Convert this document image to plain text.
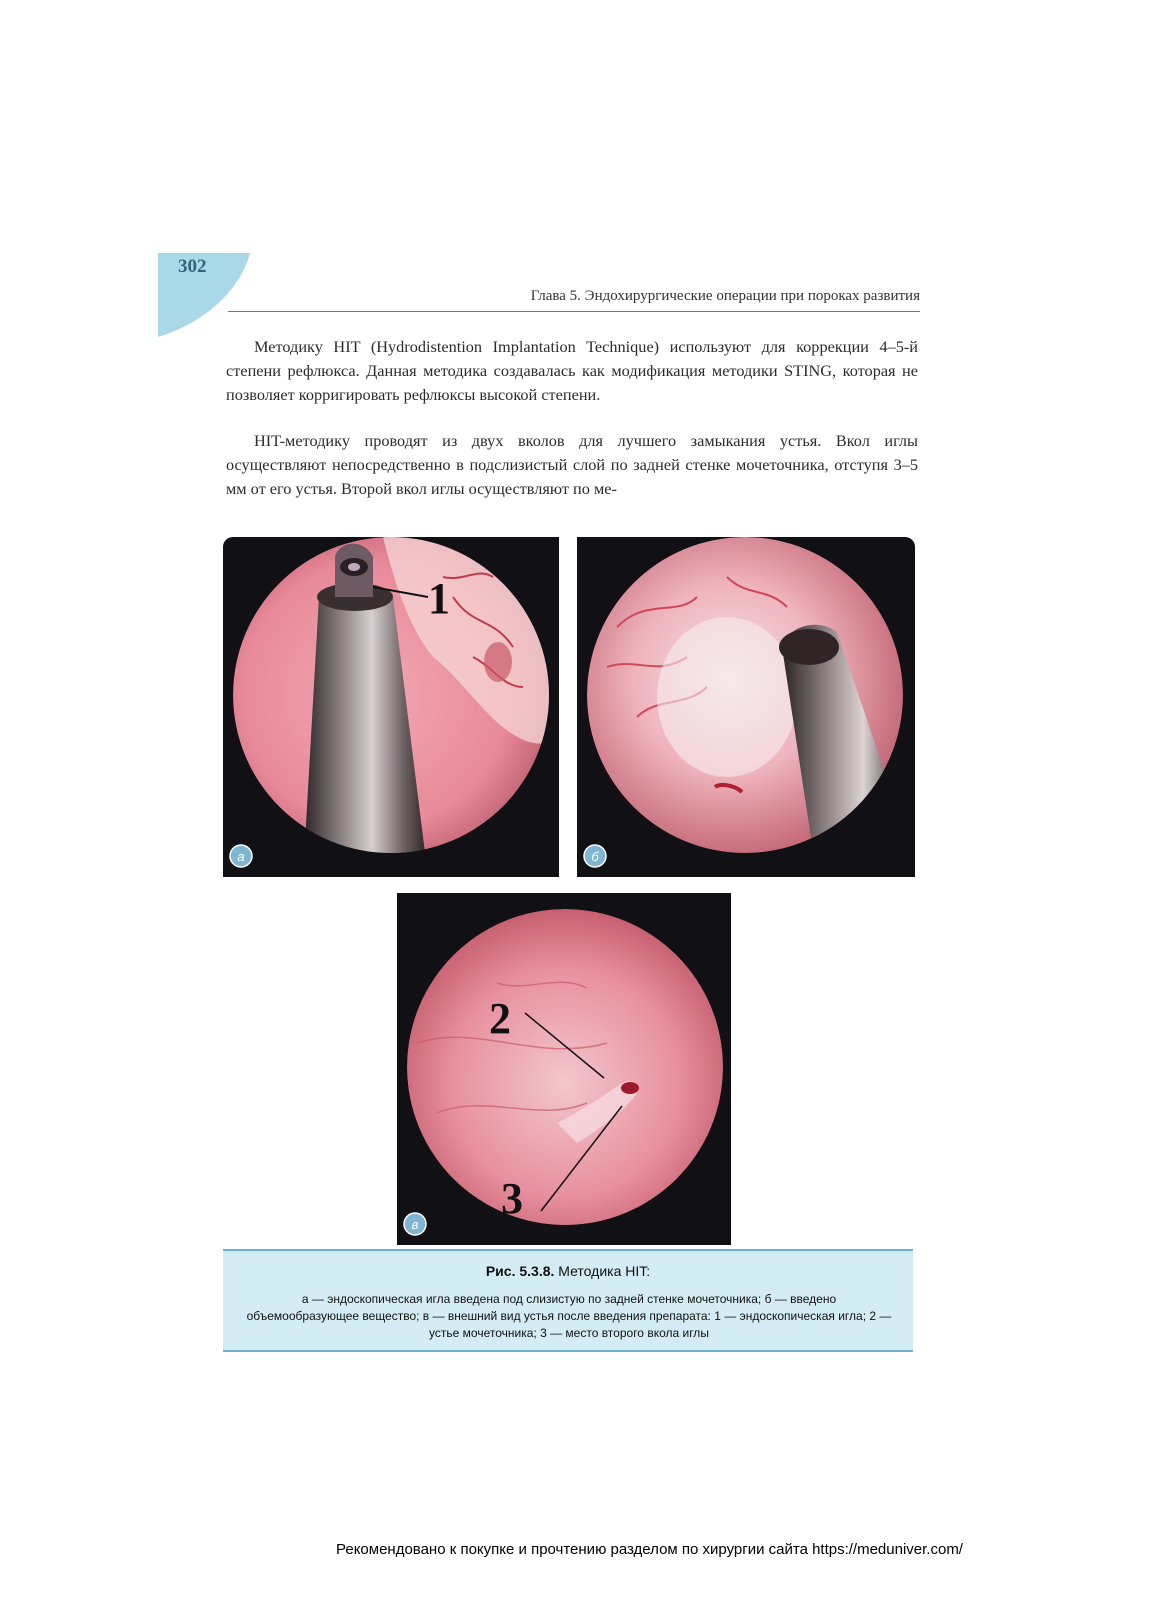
302
Глава 5. Эндохирургические операции при пороках развития

Методику HIT (Hydrodistention Implantation Technique) используют для коррекции 4–5-й степени рефлюкса. Данная методика создавалась как модификация методики STING, которая не позволяет корригировать рефлюксы высокой степени.

HIT-методику проводят из двух вколов для лучшего замыкания устья. Вкол иглы осуществляют непосредственно в подслизистый слой по задней стенке мочеточника, отступя 3–5 мм от его устья. Второй вкол иглы осуществляют по ме-

1
а	б
2
3
в
Рис. 5.3.8. Методика HIT:
а — эндоскопическая игла введена под слизистую по задней стенке мочеточника; б — введено объемообразующее вещество; в — внешний вид устья после введения препарата: 1 — эндоскопическая игла; 2 — устье мочеточника; 3 — место второго вкола иглы
Рекомендовано к покупке и прочтению разделом по хирургии сайта https://meduniver.com/
